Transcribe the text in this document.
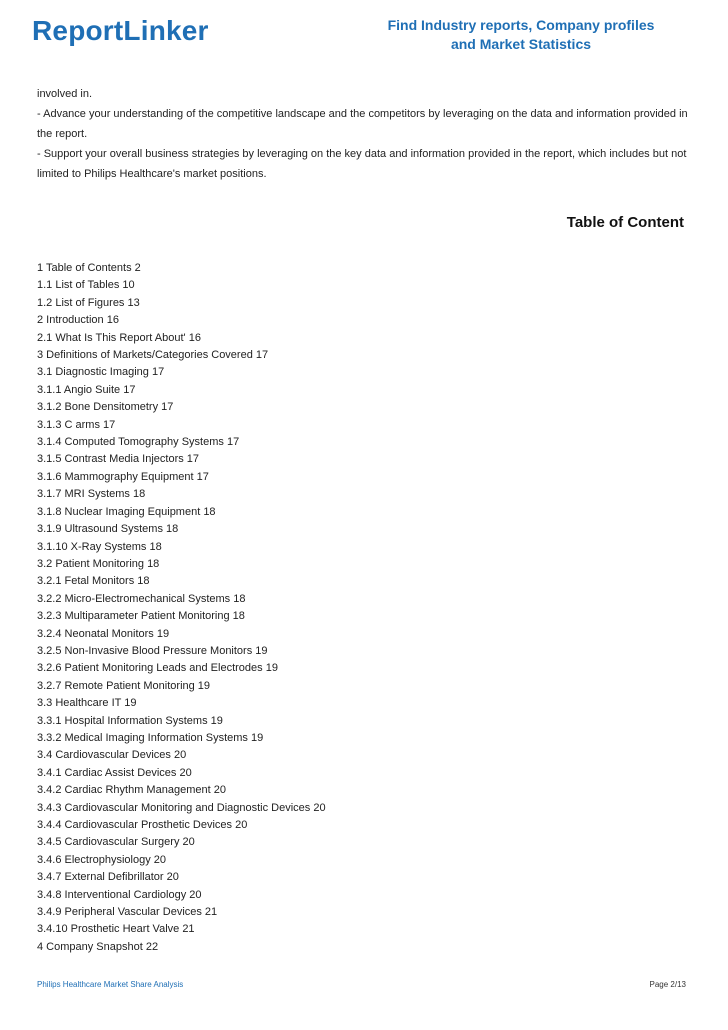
ReportLinker	Find Industry reports, Company profiles
and Market Statistics
involved in.
- Advance your understanding of the competitive landscape and the competitors by leveraging on the data and information provided in
the report.
- Support your overall business strategies by leveraging on the key data and information provided in the report, which includes but not
limited to Philips Healthcare's market positions.
Table of Content
1 Table of Contents 2
1.1 List of Tables 10
1.2 List of Figures 13
2 Introduction 16
2.1 What Is This Report About' 16
3 Definitions of Markets/Categories Covered 17
3.1 Diagnostic Imaging 17
3.1.1 Angio Suite 17
3.1.2 Bone Densitometry 17
3.1.3 C arms 17
3.1.4 Computed Tomography Systems 17
3.1.5 Contrast Media Injectors 17
3.1.6 Mammography Equipment 17
3.1.7 MRI Systems 18
3.1.8 Nuclear Imaging Equipment 18
3.1.9 Ultrasound Systems 18
3.1.10 X-Ray Systems 18
3.2 Patient Monitoring 18
3.2.1 Fetal Monitors 18
3.2.2 Micro-Electromechanical Systems 18
3.2.3 Multiparameter Patient Monitoring 18
3.2.4 Neonatal Monitors 19
3.2.5 Non-Invasive Blood Pressure Monitors 19
3.2.6 Patient Monitoring Leads and Electrodes 19
3.2.7 Remote Patient Monitoring 19
3.3 Healthcare IT 19
3.3.1 Hospital Information Systems 19
3.3.2 Medical Imaging Information Systems 19
3.4 Cardiovascular Devices 20
3.4.1 Cardiac Assist Devices 20
3.4.2 Cardiac Rhythm Management 20
3.4.3 Cardiovascular Monitoring and Diagnostic Devices 20
3.4.4 Cardiovascular Prosthetic Devices 20
3.4.5 Cardiovascular Surgery 20
3.4.6 Electrophysiology 20
3.4.7 External Defibrillator 20
3.4.8 Interventional Cardiology 20
3.4.9 Peripheral Vascular Devices 21
3.4.10 Prosthetic Heart Valve 21
4 Company Snapshot 22
Philips Healthcare Market Share Analysis	Page 2/13
